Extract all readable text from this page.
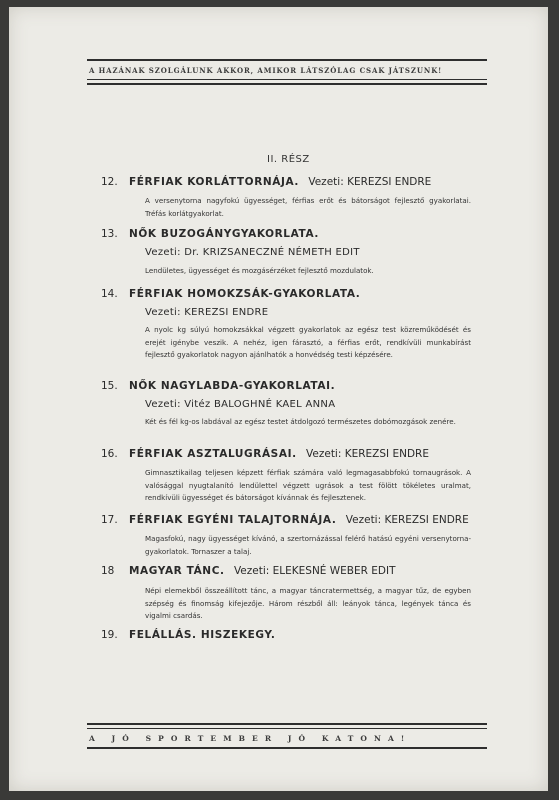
A HAZÁNAK SZOLGÁLUNK AKKOR, AMIKOR LÁTSZÓLAG CSAK JÁTSZUNK!
II. RÉSZ
12. FÉRFIAK KORLÁTTORNÁJA. Vezeti: KEREZSI ENDRE
A versenytorna nagyfokú ügyességet, férfias erőt és bátorságot fejlesztő gyakorlatai. Tréfás korlátgyakorlat.
13. NŐK BUZOGÁNYGYAKORLATA.
Vezeti: Dr. KRIZSANECZNÉ NÉMETH EDIT
Lendületes, ügyességet és mozgásérzéket fejlesztő mozdulatok.
14. FÉRFIAK HOMOKZSÁK-GYAKORLATA.
Vezeti: KEREZSI ENDRE
A nyolc kg súlyú homokzsákkal végzett gyakorlatok az egész test közreműködését és erejét igénybe veszik. A nehéz, igen fárasztó, a férfias erőt, rendkívüli munkabírást fejlesztő gyakorlatok nagyon ajánlhatók a honvédség testi képzésére.
15. NŐK NAGYLABDA-GYAKORLATAI.
Vezeti: Vitéz BALOGHNÉ KAEL ANNA
Két és fél kg-os labdával az egész testet átdolgozó természetes dobómozgások zenére.
16. FÉRFIAK ASZTALUGRÁSAI. Vezeti: KEREZSI ENDRE
Gimnasztikailag teljesen képzett férfiak számára való legmagasabbfokú tornaugrások. A valósággal nyugtalanító lendülettel végzett ugrások a test fölött tökéletes uralmat, rendkívüli ügyességet és bátorságot kívánnak és fejlesztenek.
17. FÉRFIAK EGYÉNI TALAJTORNÁJA. Vezeti: KEREZSI ENDRE
Magasfokú, nagy ügyességet kívánó, a szertornázással felérő hatású egyéni versenytorna-gyakorlatok. Tornaszer a talaj.
18 MAGYAR TÁNC. Vezeti: ELEKESNÉ WEBER EDIT
Népi elemekből összeállított tánc, a magyar táncratermettség, a magyar tűz, de egyben szépség és finomság kifejezője. Három részből áll: leányok tánca, legények tánca és vigalmi csardás.
19. FELÁLLÁS. HISZEKEGY.
A JÓ SPORTEMBER JÓ KATONA!
